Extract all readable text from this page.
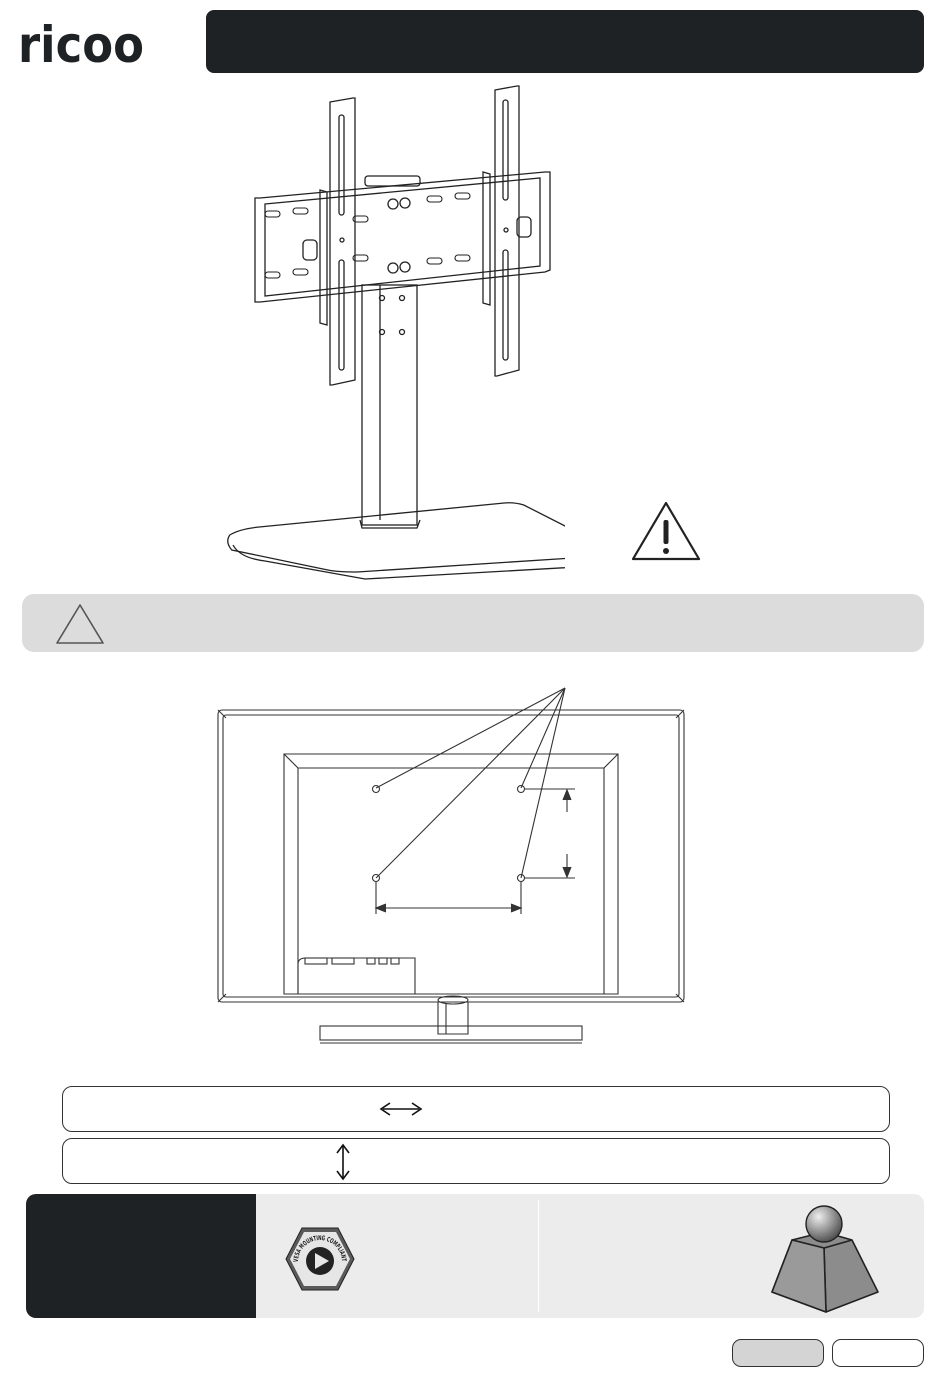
ricoo
VESA MOUNTING COMPLIANT
